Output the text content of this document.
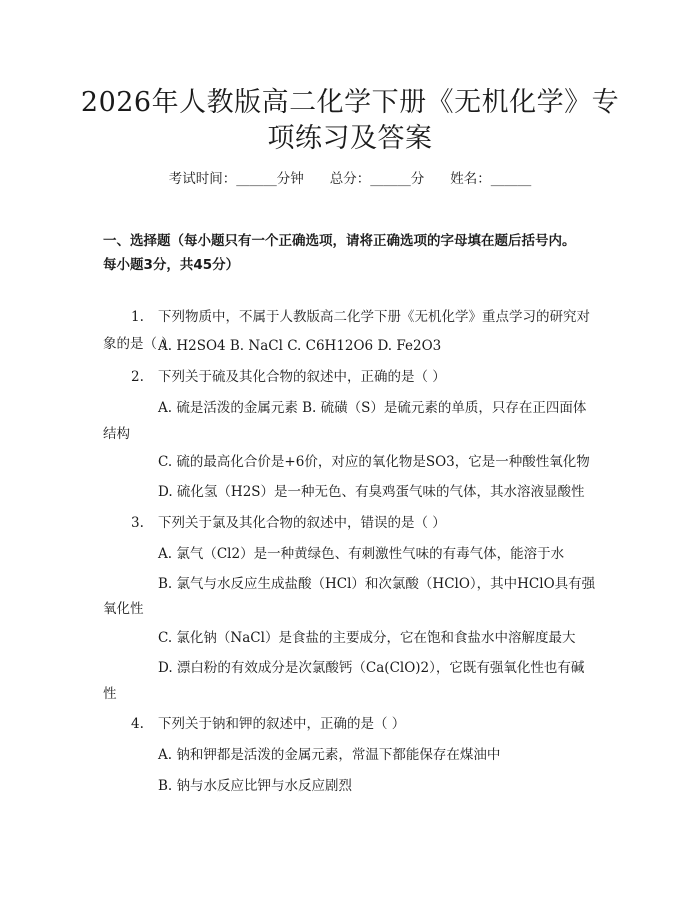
2026年人教版高二化学下册《无机化学》专
项练习及答案
考试时间：______分钟 总分：______分 姓名：______
一、选择题（每小题只有一个正确选项，请将正确选项的字母填在题后括号内。
每小题3分，共45分）
1. 下列物质中，不属于人教版高二化学下册《无机化学》重点学习的研究对
象的是（ ）
A. H2SO4 B. NaCl C. C6H12O6 D. Fe2O3
2. 下列关于硫及其化合物的叙述中，正确的是（ ）
A. 硫是活泼的金属元素 B. 硫磺（S）是硫元素的单质，只存在正四面体
结构
C. 硫的最高化合价是+6价，对应的氧化物是SO3，它是一种酸性氧化物
D. 硫化氢（H2S）是一种无色、有臭鸡蛋气味的气体，其水溶液显酸性
3. 下列关于氯及其化合物的叙述中，错误的是（ ）
A. 氯气（Cl2）是一种黄绿色、有刺激性气味的有毒气体，能溶于水
B. 氯气与水反应生成盐酸（HCl）和次氯酸（HClO），其中HClO具有强
氧化性
C. 氯化钠（NaCl）是食盐的主要成分，它在饱和食盐水中溶解度最大
D. 漂白粉的有效成分是次氯酸钙（Ca(ClO)2），它既有强氧化性也有碱
性
4. 下列关于钠和钾的叙述中，正确的是（ ）
A. 钠和钾都是活泼的金属元素，常温下都能保存在煤油中
B. 钠与水反应比钾与水反应剧烈
